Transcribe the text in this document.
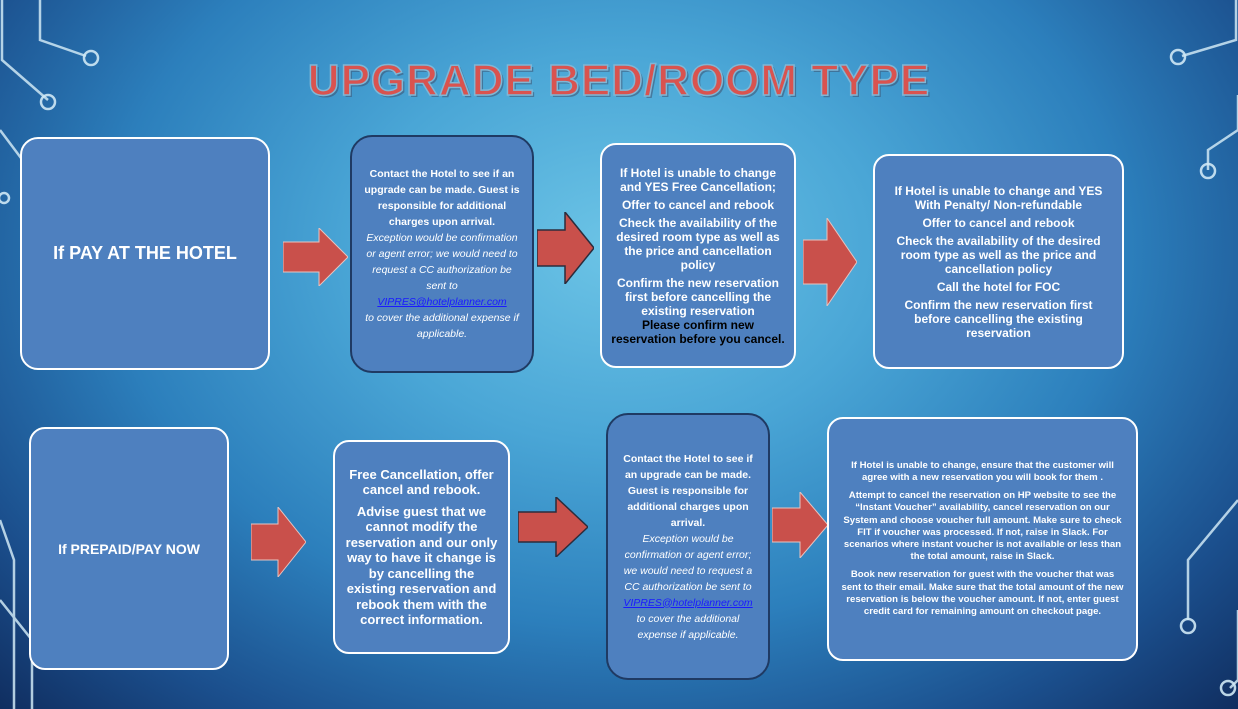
UPGRADE BED/ROOM TYPE
If PAY AT THE HOTEL
Contact the Hotel to see if an upgrade can be made. Guest is responsible for additional charges upon arrival.
Exception would be confirmation or agent error; we would need to request a CC authorization be sent to
VIPRES@hotelplanner.com
to cover the additional expense if applicable.

If Hotel is unable to change and YES Free Cancellation;

Offer to cancel and rebook

Check the availability of the desired room type as well as the price and cancellation policy

Confirm the new reservation first before cancelling the existing reservation

Please confirm new reservation before you cancel.

If Hotel is unable to change and YES With Penalty/ Non-refundable

Offer to cancel and rebook

Check the availability of the desired room type as well as the price and cancellation policy

Call the hotel for FOC

Confirm the new reservation first before cancelling the existing reservation

If PREPAID/PAY NOW

Free Cancellation, offer cancel and rebook.

Advise guest that we cannot modify the reservation and our only way to have it change is by cancelling the existing reservation and rebook them with the correct information.

Contact the Hotel to see if an upgrade can be made. Guest is responsible for additional charges upon arrival.
Exception would be confirmation or agent error; we would need to request a CC authorization be sent to
VIPRES@hotelplanner.com
to cover the additional expense if applicable.

If Hotel is unable to change, ensure that the customer will agree with a new reservation you will book for them .

Attempt to cancel the reservation on HP website to see the “Instant Voucher” availability, cancel reservation on our System and choose voucher full amount. Make sure to check FIT if voucher was processed. If not, raise in Slack. For scenarios where instant voucher is not available or less than the total amount, raise in Slack.

Book new reservation for guest with the voucher that was sent to their email. Make sure that the total amount of the new reservation is below the voucher amount. If not, enter guest credit card for remaining amount on checkout page.
